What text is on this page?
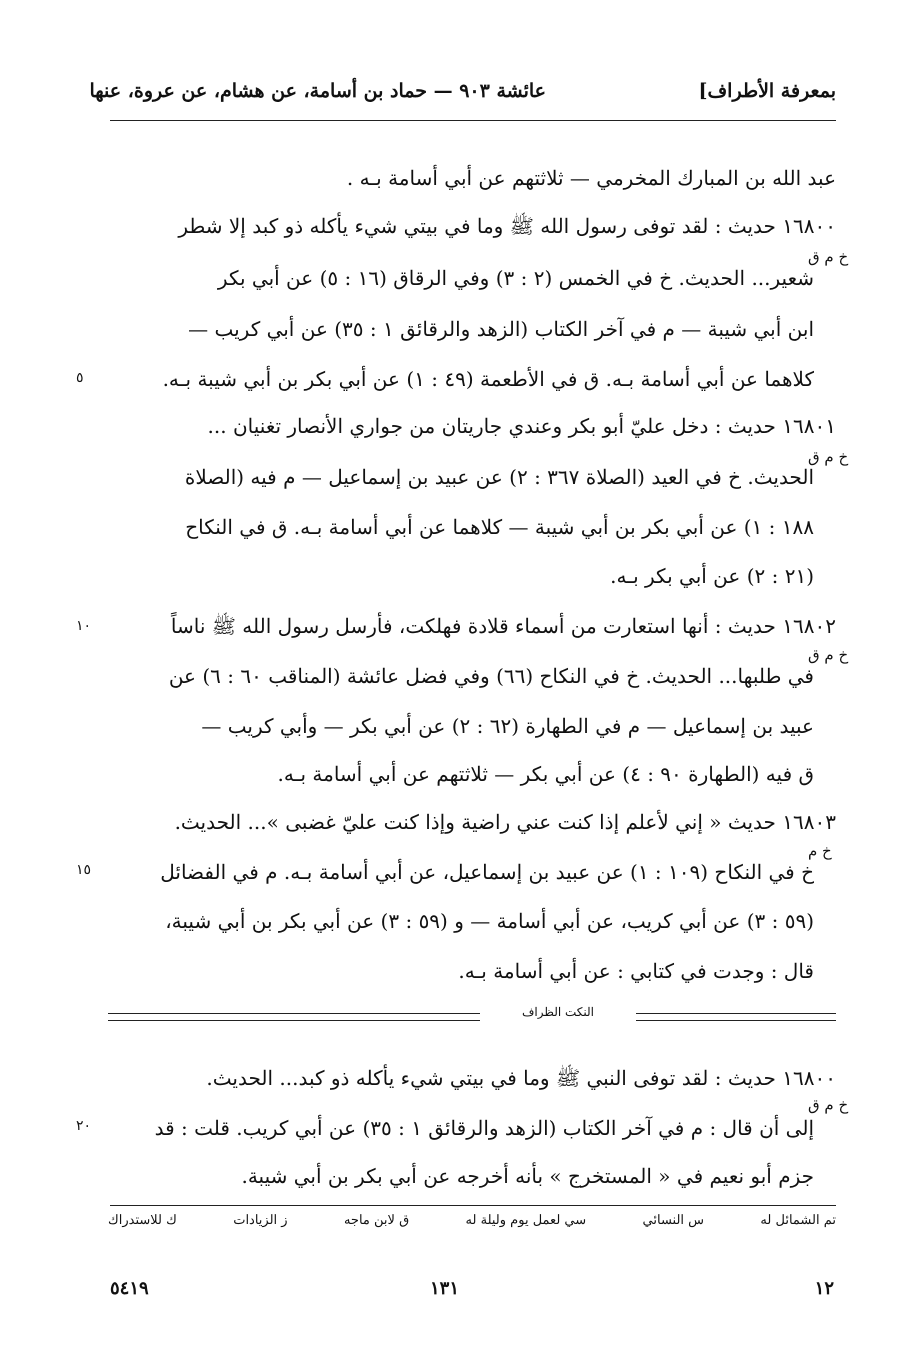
بمعرفة الأطراف]
عائشة ٩٠٣ — حماد بن أسامة، عن هشام، عن عروة، عنها
عبد الله بن المبارك المخرمي — ثلاثتهم عن أبي أسامة بـه .
١٦٨٠٠ حديث : لقد توفى رسول الله ﷺ وما في بيتي شيء يأكله ذو كبد إلا شطر
شعير... الحديث. خ في الخمس (٢ : ٣) وفي الرقاق (١٦ : ٥) عن أبي بكر
ابن أبي شيبة — م في آخر الكتاب (الزهد والرقائق ١ : ٣٥) عن أبي كريب —
كلاهما عن أبي أسامة بـه. ق في الأطعمة (٤٩ : ١) عن أبي بكر بن أبي شيبة بـه.
١٦٨٠١ حديث : دخل عليّ أبو بكر وعندي جاريتان من جواري الأنصار تغنيان ...
الحديث. خ في العيد (الصلاة ٣٦٧ : ٢) عن عبيد بن إسماعيل — م فيه (الصلاة
١٨٨ : ١) عن أبي بكر بن أبي شيبة — كلاهما عن أبي أسامة بـه. ق في النكاح
(٢١ : ٢) عن أبي بكر بـه.
١٦٨٠٢ حديث : أنها استعارت من أسماء قلادة فهلكت، فأرسل رسول الله ﷺ ناساً
في طلبها... الحديث. خ في النكاح (٦٦) وفي فضل عائشة (المناقب ٦٠ : ٦) عن
عبيد بن إسماعيل — م في الطهارة (٦٢ : ٢) عن أبي بكر — وأبي كريب —
ق فيه (الطهارة ٩٠ : ٤) عن أبي بكر — ثلاثتهم عن أبي أسامة بـه.
١٦٨٠٣ حديث « إني لأعلم إذا كنت عني راضية وإذا كنت عليّ غضبى »... الحديث.
خ في النكاح (١٠٩ : ١) عن عبيد بن إسماعيل، عن أبي أسامة بـه. م في الفضائل
(٥٩ : ٣) عن أبي كريب، عن أبي أسامة — و (٥٩ : ٣) عن أبي بكر بن أبي شيبة،
قال : وجدت في كتابي : عن أبي أسامة بـه.
خ م ق
خ م ق
خ م ق
خ م
خ م ق
٥
١٠
١٥
٢٠
النكت الظراف
١٦٨٠٠ حديث : لقد توفى النبي ﷺ وما في بيتي شيء يأكله ذو كبد... الحديث.
إلى أن قال : م في آخر الكتاب (الزهد والرقائق ١ : ٣٥) عن أبي كريب. قلت : قد
جزم أبو نعيم في « المستخرج » بأنه أخرجه عن أبي بكر بن أبي شيبة.
تم الشمائل له
س النسائي
سي لعمل يوم وليلة له
ق لابن ماجه
ز الزيادات
ك للاستدراك
١٢
١٣١
٥٤١٩
